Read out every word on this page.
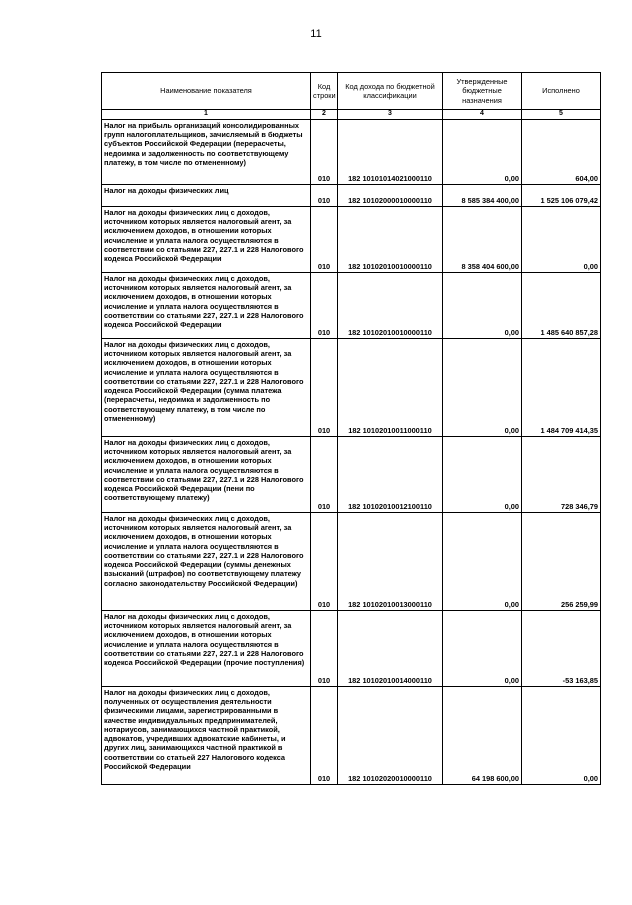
11
Наименование показателя	Код строки	Код дохода по бюджетной классификации	Утвержденные бюджетные назначения	Исполнено
1	2	3	4	5
Налог на прибыль организаций консолидированных групп налогоплательщиков, зачисляемый в бюджеты субъектов Российской Федерации (перерасчеты, недоимка и задолженность по соответствующему платежу, в том числе по отмененному)	010	182 10101014021000110	0,00	604,00
Налог на доходы физических лиц	010	182 10102000010000110	8 585 384 400,00	1 525 106 079,42
Налог на доходы физических лиц с доходов, источником которых является налоговый агент, за исключением доходов, в отношении которых исчисление и уплата налога осуществляются в соответствии со статьями 227, 227.1 и 228 Налогового кодекса Российской Федерации	010	182 10102010010000110	8 358 404 600,00	0,00
Налог на доходы физических лиц с доходов, источником которых является налоговый агент, за исключением доходов, в отношении которых исчисление и уплата налога осуществляются в соответствии со статьями 227, 227.1 и 228 Налогового кодекса Российской Федерации	010	182 10102010010000110	0,00	1 485 640 857,28
Налог на доходы физических лиц с доходов, источником которых является налоговый агент, за исключением доходов, в отношении которых исчисление и уплата налога осуществляются в соответствии со статьями 227, 227.1 и 228 Налогового кодекса Российской Федерации (сумма платежа (перерасчеты, недоимка и задолженность по соответствующему платежу, в том числе по отмененному)	010	182 10102010011000110	0,00	1 484 709 414,35
Налог на доходы физических лиц с доходов, источником которых является налоговый агент, за исключением доходов, в отношении которых исчисление и уплата налога осуществляются в соответствии со статьями 227, 227.1 и 228 Налогового кодекса Российской Федерации (пени по соответствующему платежу)	010	182 10102010012100110	0,00	728 346,79
Налог на доходы физических лиц с доходов, источником которых является налоговый агент, за исключением доходов, в отношении которых исчисление и уплата налога осуществляются в соответствии со статьями 227, 227.1 и 228 Налогового кодекса Российской Федерации (суммы денежных взысканий (штрафов) по соответствующему платежу согласно законодательству Российской Федерации)	010	182 10102010013000110	0,00	256 259,99
Налог на доходы физических лиц с доходов, источником которых является налоговый агент, за исключением доходов, в отношении которых исчисление и уплата налога осуществляются в соответствии со статьями 227, 227.1 и 228 Налогового кодекса Российской Федерации (прочие поступления)	010	182 10102010014000110	0,00	-53 163,85
Налог на доходы физических лиц с доходов, полученных от осуществления деятельности физическими лицами, зарегистрированными в качестве индивидуальных предпринимателей, нотариусов, занимающихся частной практикой, адвокатов, учредивших адвокатские кабинеты, и других лиц, занимающихся частной практикой в соответствии со статьей 227 Налогового кодекса Российской Федерации	010	182 10102020010000110	64 198 600,00	0,00
